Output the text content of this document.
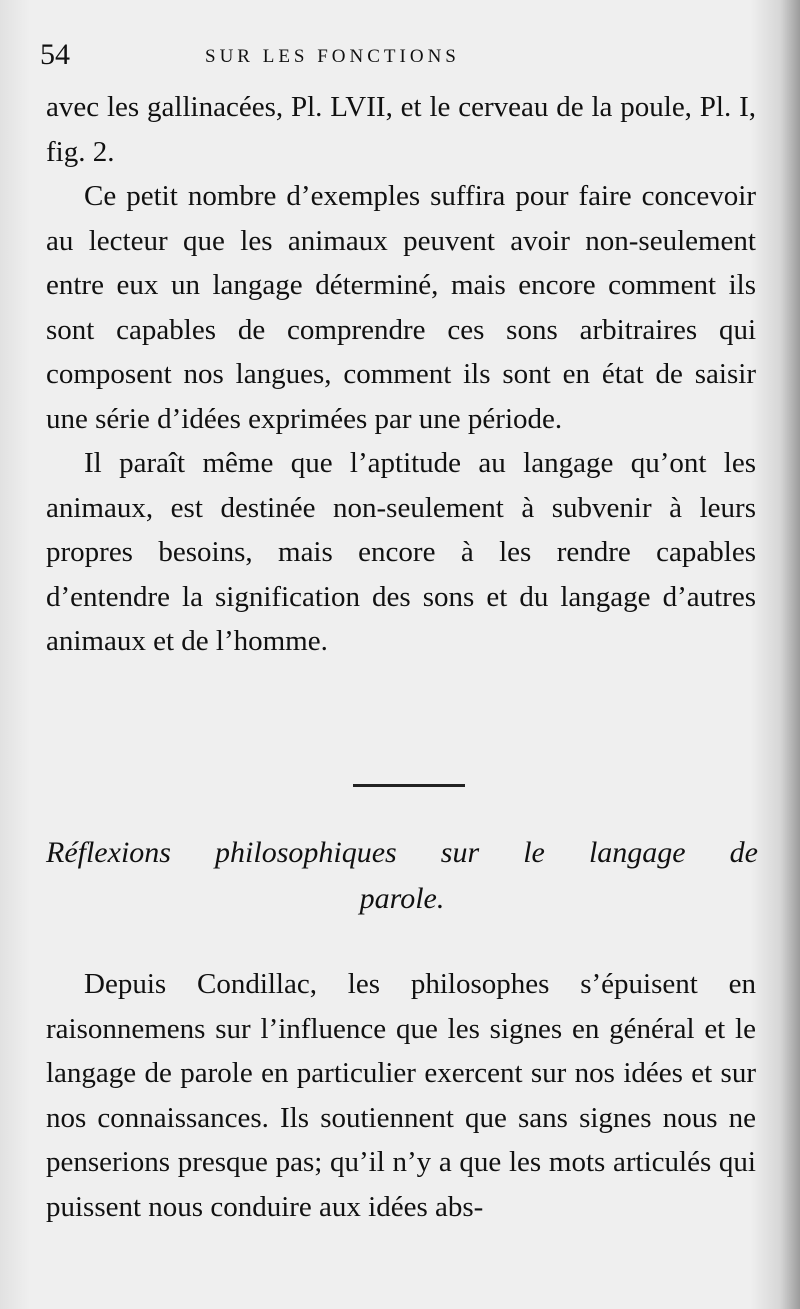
54	SUR LES FONCTIONS

avec les gallinacées, Pl. LVII, et le cerveau de la poule, Pl. I, fig. 2.

Ce petit nombre d’exemples suffira pour faire concevoir au lecteur que les animaux peuvent avoir non-seulement entre eux un langage déterminé, mais encore comment ils sont capables de comprendre ces sons arbitraires qui composent nos langues, comment ils sont en état de saisir une série d’idées exprimées par une période.

Il paraît même que l’aptitude au langage qu’ont les animaux, est destinée non-seulement à subvenir à leurs propres besoins, mais encore à les rendre capables d’entendre la signification des sons et du langage d’autres animaux et de l’homme.

Réflexions philosophiques sur le langage de
parole.

Depuis Condillac, les philosophes s’épuisent en raisonnemens sur l’influence que les signes en général et le langage de parole en particulier exercent sur nos idées et sur nos connaissances. Ils soutiennent que sans signes nous ne penserions presque pas; qu’il n’y a que les mots articulés qui puissent nous conduire aux idées abs-
